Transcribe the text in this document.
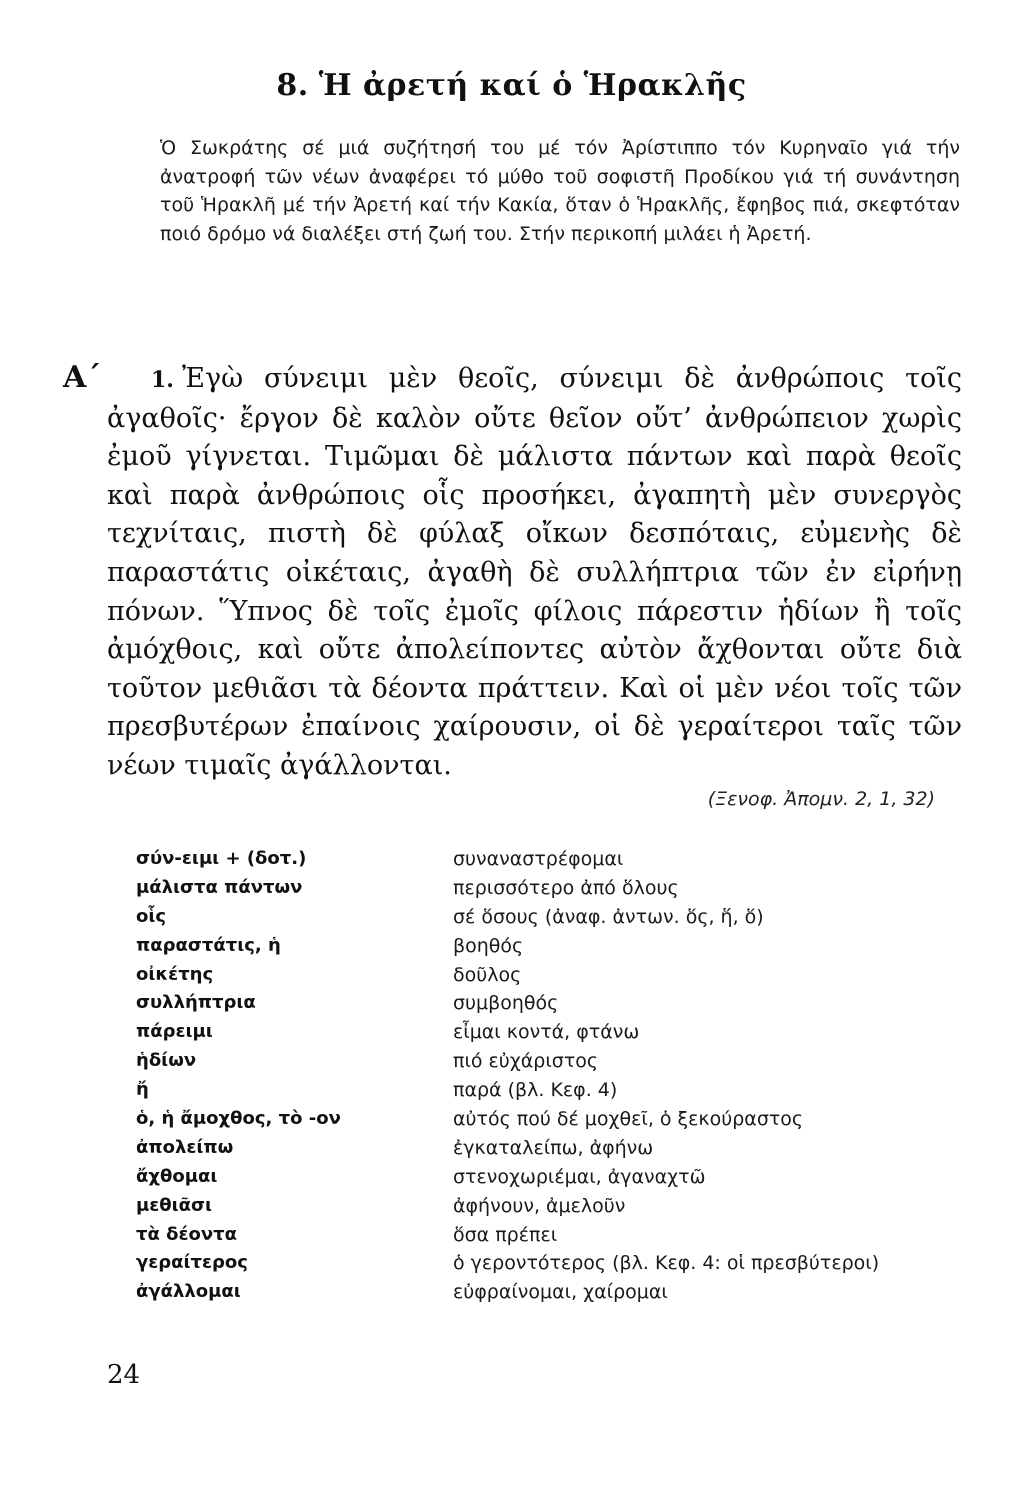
8. Ἡ ἀρετή καί ὁ Ἡρακλῆς
Ὁ Σωκράτης σέ μιά συζήτησή του μέ τόν Ἀρίστιππο τόν Κυρηναῖο γιά τήν ἀνατροφή τῶν νέων ἀναφέρει τό μύθο τοῦ σοφιστῆ Προδίκου γιά τή συνάντηση τοῦ Ἡρακλῆ μέ τήν Ἀρετή καί τήν Κακία, ὅταν ὁ Ἡρακλῆς, ἔφηβος πιά, σκεφτόταν ποιό δρόμο νά διαλέξει στή ζωή του. Στήν περικοπή μιλάει ἡ Ἀρετή.
Α΄	1. Ἐγὼ σύνειμι μὲν θεοῖς, σύνειμι δὲ ἀνθρώποις τοῖς ἀγαθοῖς· ἔργον δὲ καλὸν οὔτε θεῖον οὔτ’ ἀνθρώπειον χωρὶς ἐμοῦ γίγνεται. Τιμῶμαι δὲ μάλιστα πάντων καὶ παρὰ θεοῖς καὶ παρὰ ἀνθρώποις οἷς προσήκει, ἀγαπητὴ μὲν συνεργὸς τεχνίταις, πιστὴ δὲ φύλαξ οἴκων δεσπόταις, εὐμενὴς δὲ παραστάτις οἰκέταις, ἀγαθὴ δὲ συλλήπτρια τῶν ἐν εἰρήνῃ πόνων. Ὕπνος δὲ τοῖς ἐμοῖς φίλοις πάρεστιν ἡδίων ἢ τοῖς ἀμόχθοις, καὶ οὔτε ἀπολείποντες αὐτὸν ἄχθονται οὔτε διὰ τοῦτον μεθιᾶσι τὰ δέοντα πράττειν. Καὶ οἱ μὲν νέοι τοῖς τῶν πρεσβυτέρων ἐπαίνοις χαίρουσιν, οἱ δὲ γεραίτεροι ταῖς τῶν νέων τιμαῖς ἀγάλλονται.
(Ξενοφ. Ἀπομν. 2, 1, 32)
σύν-ειμι + (δοτ.)	συναναστρέφομαι
μάλιστα πάντων	περισσότερο ἀπό ὅλους
οἷς	σέ ὅσους (ἀναφ. ἀντων. ὅς, ἥ, ὅ)
παραστάτις, ἡ	βοηθός
οἰκέτης	δοῦλος
συλλήπτρια	συμβοηθός
πάρειμι	εἶμαι κοντά, φτάνω
ἡδίων	πιό εὐχάριστος
ἤ	παρά (βλ. Κεφ. 4)
ὁ, ἡ ἄμοχθος, τὸ -ον	αὐτός πού δέ μοχθεῖ, ὁ ξεκούραστος
ἀπολείπω	ἐγκαταλείπω, ἀφήνω
ἄχθομαι	στενοχωριέμαι, ἀγαναχτῶ
μεθιᾶσι	ἀφήνουν, ἀμελοῦν
τὰ δέοντα	ὅσα πρέπει
γεραίτερος	ὁ γεροντότερος (βλ. Κεφ. 4: οἱ πρεσβύτεροι)
ἀγάλλομαι	εὐφραίνομαι, χαίρομαι
24
